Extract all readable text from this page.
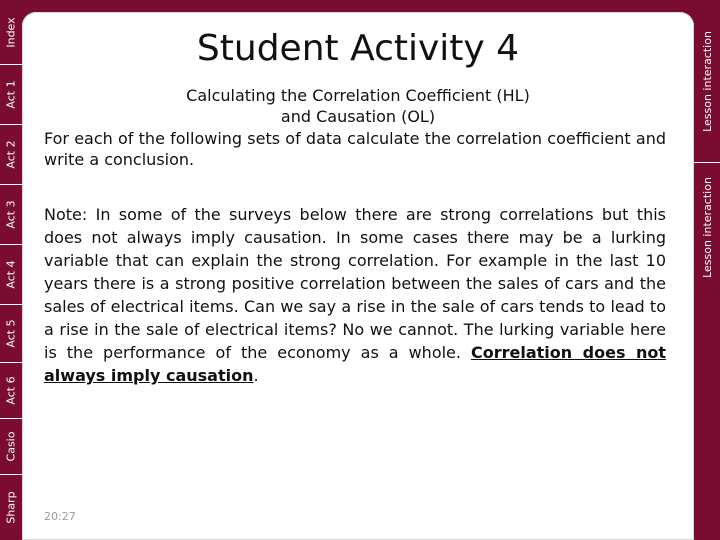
Index
Act 1
Act 2
Act 3
Act 4
Act 5
Act 6
Casio
Sharp
Lesson interaction
Lesson interaction
Student Activity 4
Calculating the Correlation Coefficient (HL)
and Causation (OL)
For each of the following sets of data calculate the correlation coefficient and write a conclusion.
Note: In some of the surveys below there are strong correlations but this does not always imply causation. In some cases there may be a lurking variable that can explain the strong correlation. For example in the last 10 years there is a strong positive correlation between the sales of cars and the sales of electrical items. Can we say a rise in the sale of cars tends to lead to a rise in the sale of electrical items? No we cannot. The lurking variable here is the performance of the economy as a whole. Correlation does not always imply causation.
20:27
